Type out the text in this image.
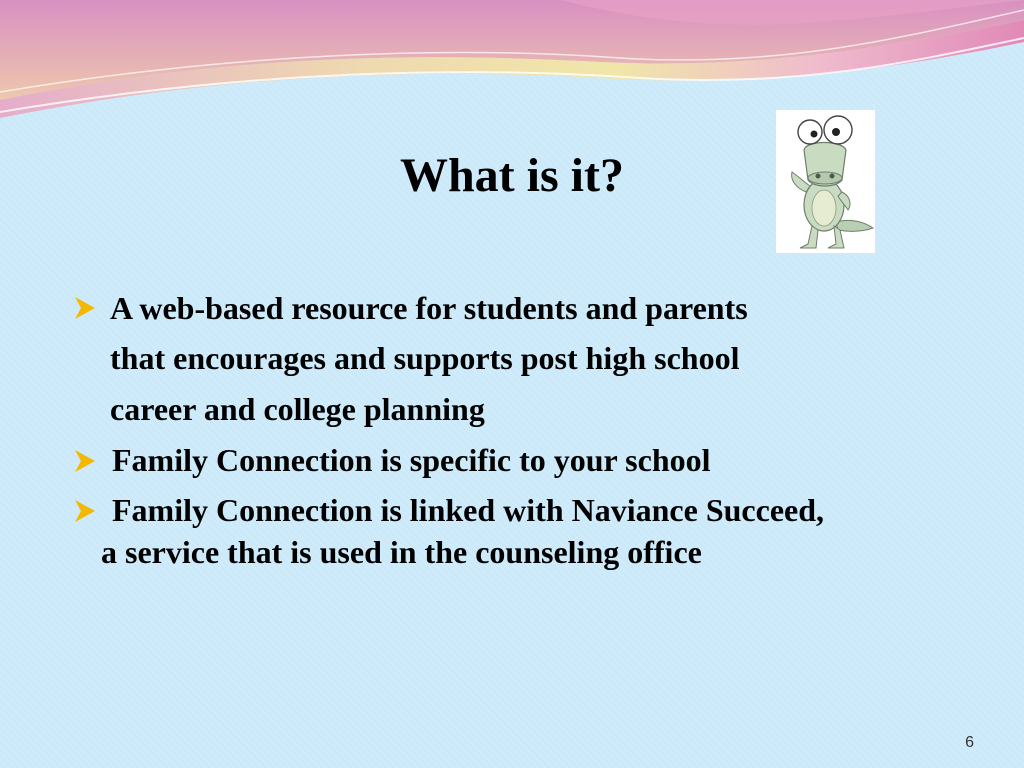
What is it?
A web-based resource for students and parents
that encourages and supports post high school
career and college planning
Family Connection is specific to your school
Family Connection is linked with Naviance Succeed,
a service that is used in the counseling office
6
